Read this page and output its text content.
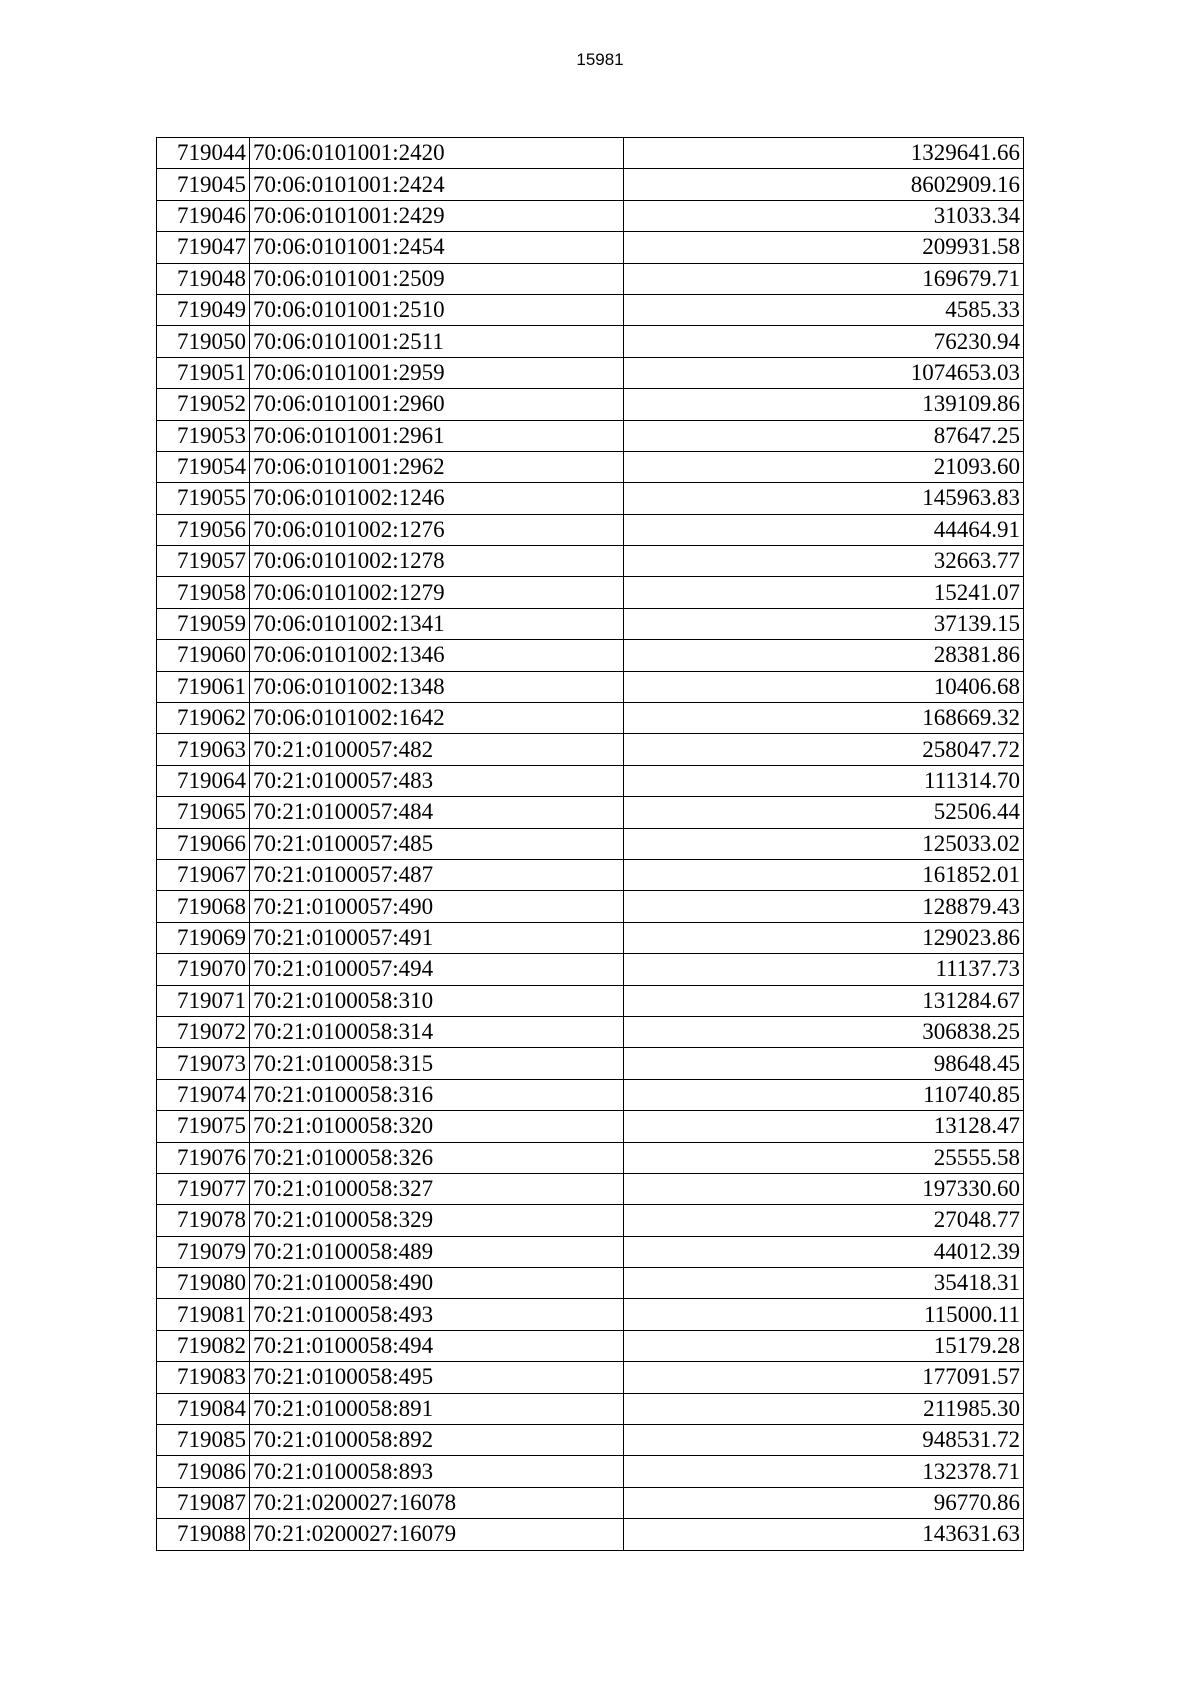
15981
719044	70:06:0101001:2420	1329641.66
719045	70:06:0101001:2424	8602909.16
719046	70:06:0101001:2429	31033.34
719047	70:06:0101001:2454	209931.58
719048	70:06:0101001:2509	169679.71
719049	70:06:0101001:2510	4585.33
719050	70:06:0101001:2511	76230.94
719051	70:06:0101001:2959	1074653.03
719052	70:06:0101001:2960	139109.86
719053	70:06:0101001:2961	87647.25
719054	70:06:0101001:2962	21093.60
719055	70:06:0101002:1246	145963.83
719056	70:06:0101002:1276	44464.91
719057	70:06:0101002:1278	32663.77
719058	70:06:0101002:1279	15241.07
719059	70:06:0101002:1341	37139.15
719060	70:06:0101002:1346	28381.86
719061	70:06:0101002:1348	10406.68
719062	70:06:0101002:1642	168669.32
719063	70:21:0100057:482	258047.72
719064	70:21:0100057:483	111314.70
719065	70:21:0100057:484	52506.44
719066	70:21:0100057:485	125033.02
719067	70:21:0100057:487	161852.01
719068	70:21:0100057:490	128879.43
719069	70:21:0100057:491	129023.86
719070	70:21:0100057:494	11137.73
719071	70:21:0100058:310	131284.67
719072	70:21:0100058:314	306838.25
719073	70:21:0100058:315	98648.45
719074	70:21:0100058:316	110740.85
719075	70:21:0100058:320	13128.47
719076	70:21:0100058:326	25555.58
719077	70:21:0100058:327	197330.60
719078	70:21:0100058:329	27048.77
719079	70:21:0100058:489	44012.39
719080	70:21:0100058:490	35418.31
719081	70:21:0100058:493	115000.11
719082	70:21:0100058:494	15179.28
719083	70:21:0100058:495	177091.57
719084	70:21:0100058:891	211985.30
719085	70:21:0100058:892	948531.72
719086	70:21:0100058:893	132378.71
719087	70:21:0200027:16078	96770.86
719088	70:21:0200027:16079	143631.63
